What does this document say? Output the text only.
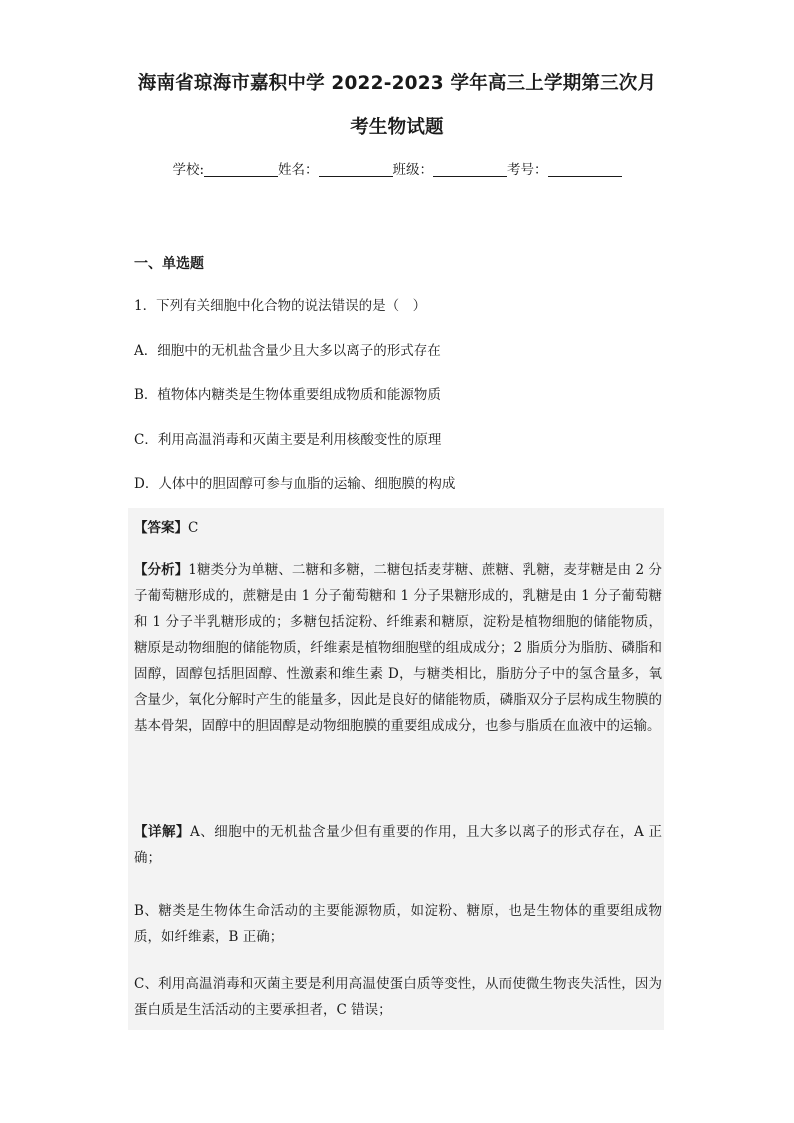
海南省琼海市嘉积中学 2022-2023 学年高三上学期第三次月
考生物试题
学校:	姓名：	班级：	考号：
一、单选题
1．下列有关细胞中化合物的说法错误的是（　）
A．细胞中的无机盐含量少且大多以离子的形式存在
B．植物体内糖类是生物体重要组成物质和能源物质
C．利用高温消毒和灭菌主要是利用核酸变性的原理
D．人体中的胆固醇可参与血脂的运输、细胞膜的构成
【答案】C
【分析】1糖类分为单糖、二糖和多糖，二糖包括麦芽糖、蔗糖、乳糖，麦芽糖是由 2 分子葡萄糖形成的，蔗糖是由 1 分子葡萄糖和 1 分子果糖形成的，乳糖是由 1 分子葡萄糖和 1 分子半乳糖形成的；多糖包括淀粉、纤维素和糖原，淀粉是植物细胞的储能物质，糖原是动物细胞的储能物质，纤维素是植物细胞壁的组成成分；2 脂质分为脂肪、磷脂和固醇，固醇包括胆固醇、性激素和维生素 D，与糖类相比，脂肪分子中的氢含量多，氧含量少，氧化分解时产生的能量多，因此是良好的储能物质，磷脂双分子层构成生物膜的基本骨架，固醇中的胆固醇是动物细胞膜的重要组成成分，也参与脂质在血液中的运输。
【详解】A、细胞中的无机盐含量少但有重要的作用，且大多以离子的形式存在，A 正确；
B、糖类是生物体生命活动的主要能源物质，如淀粉、糖原，也是生物体的重要组成物质，如纤维素，B 正确；
C、利用高温消毒和灭菌主要是利用高温使蛋白质等变性，从而使微生物丧失活性，因为蛋白质是生活活动的主要承担者，C 错误；
